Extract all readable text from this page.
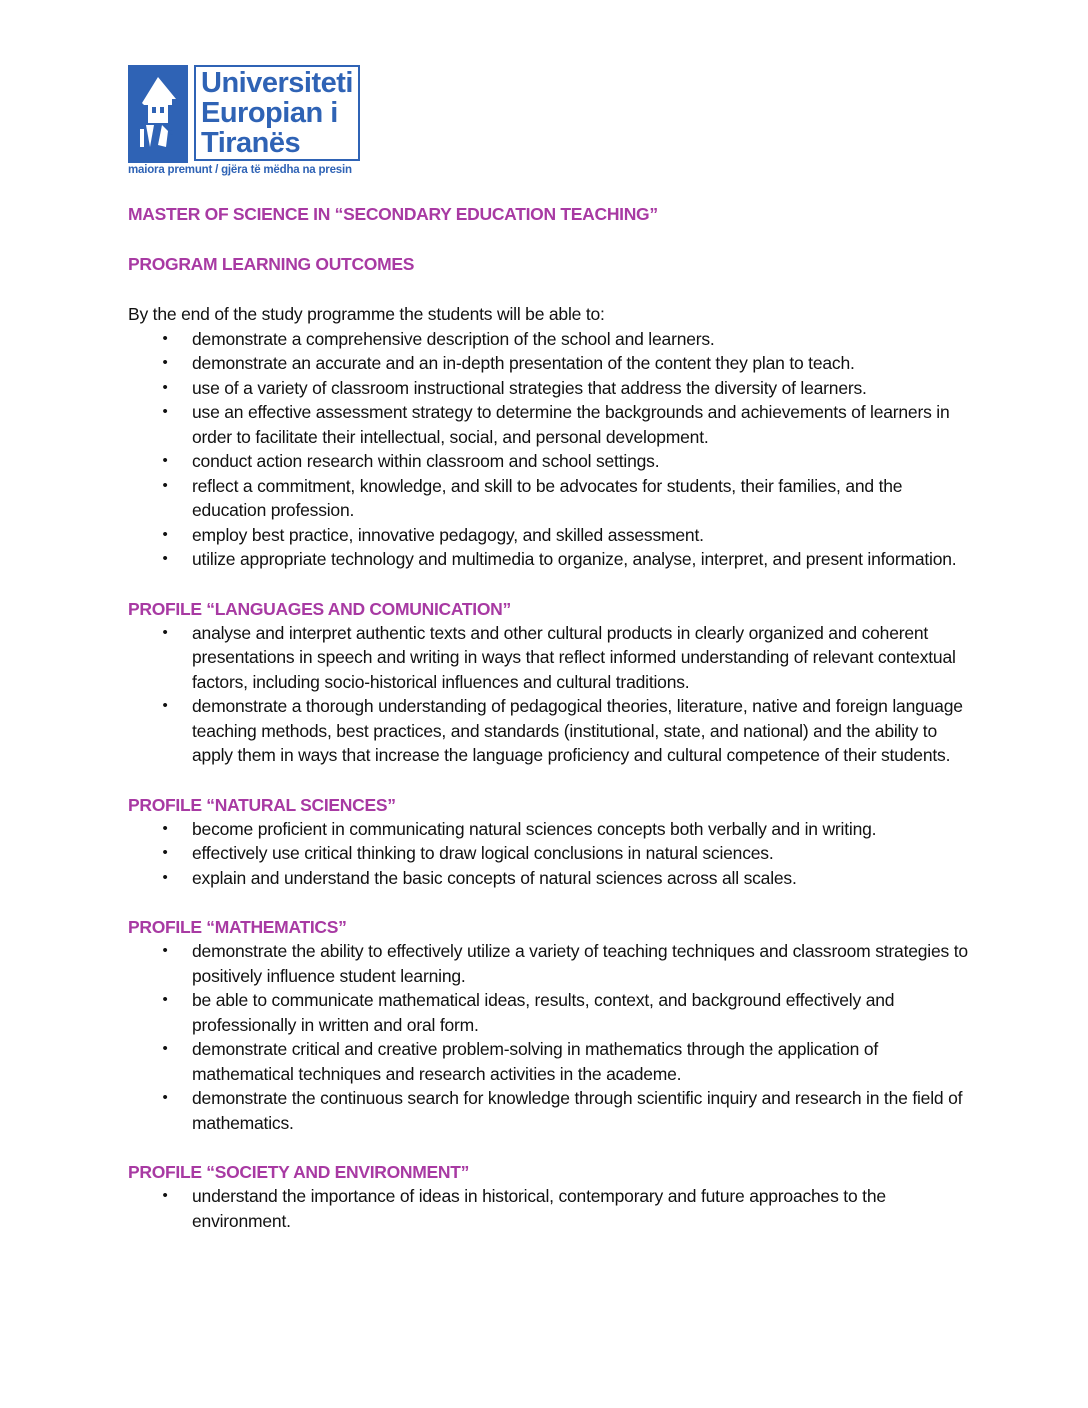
c
Universiteti
Europian i
Tiranës
maiora premunt / gjëra të mëdha na presin
MASTER OF SCIENCE IN “SECONDARY EDUCATION TEACHING”
PROGRAM LEARNING OUTCOMES

By the end of the study programme the students will be able to:

• demonstrate a comprehensive description of the school and learners.
• demonstrate an accurate and an in-depth presentation of the content they plan to teach.
• use of a variety of classroom instructional strategies that address the diversity of learners.
• use an effective assessment strategy to determine the backgrounds and achievements of learners in order to facilitate their intellectual, social, and personal development.
• conduct action research within classroom and school settings.
• reflect a commitment, knowledge, and skill to be advocates for students, their families, and the education profession.
• employ best practice, innovative pedagogy, and skilled assessment.
• utilize appropriate technology and multimedia to organize, analyse, interpret, and present information.
PROFILE “LANGUAGES AND COMUNICATION”
• analyse and interpret authentic texts and other cultural products in clearly organized and coherent presentations in speech and writing in ways that reflect informed understanding of relevant contextual factors, including socio-historical influences and cultural traditions.
• demonstrate a thorough understanding of pedagogical theories, literature, native and foreign language teaching methods, best practices, and standards (institutional, state, and national) and the ability to apply them in ways that increase the language proficiency and cultural competence of their students.
PROFILE “NATURAL SCIENCES”
• become proficient in communicating natural sciences concepts both verbally and in writing.
• effectively use critical thinking to draw logical conclusions in natural sciences.
• explain and understand the basic concepts of natural sciences across all scales.
PROFILE “MATHEMATICS”
• demonstrate the ability to effectively utilize a variety of teaching techniques and classroom strategies to positively influence student learning.
• be able to communicate mathematical ideas, results, context, and background effectively and professionally in written and oral form.
• demonstrate critical and creative problem-solving in mathematics through the application of mathematical techniques and research activities in the academe.
• demonstrate the continuous search for knowledge through scientific inquiry and research in the field of mathematics.
PROFILE “SOCIETY AND ENVIRONMENT”
• understand the importance of ideas in historical, contemporary and future approaches to the environment.
